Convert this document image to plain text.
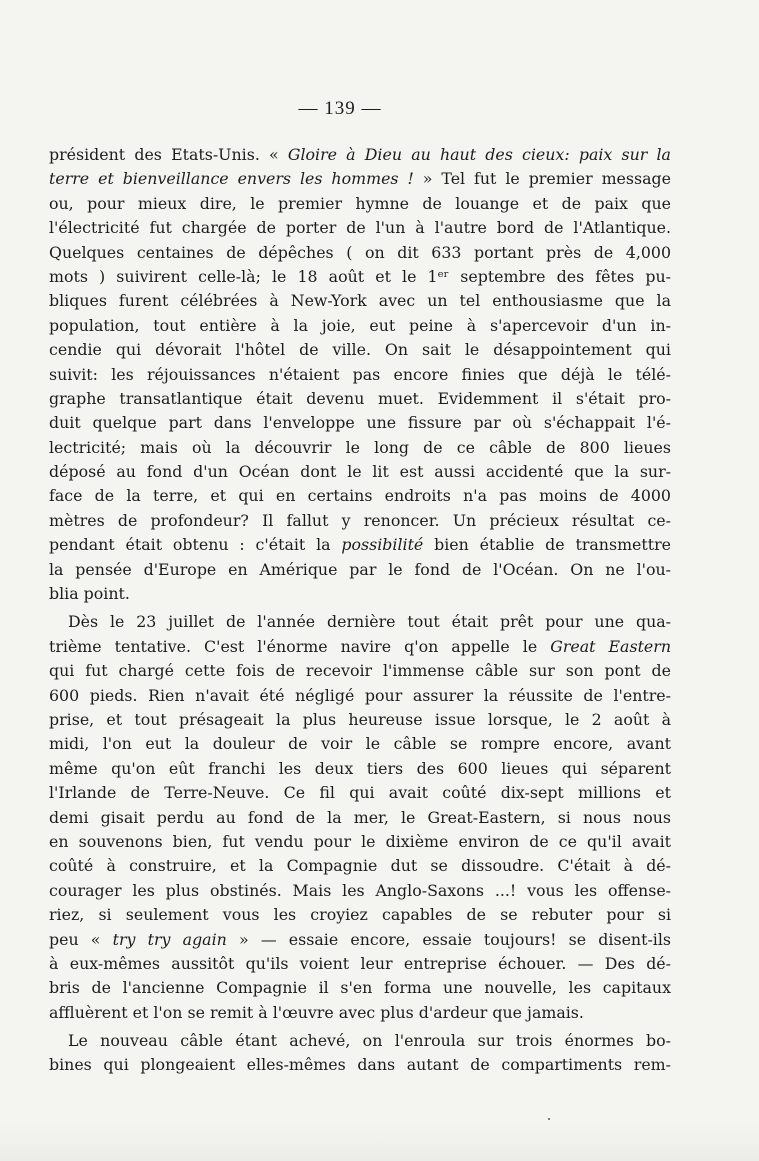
— 139 —
président des Etats-Unis. « Gloire à Dieu au haut des cieux: paix sur la
terre et bienveillance envers les hommes ! » Tel fut le premier message
ou, pour mieux dire, le premier hymne de louange et de paix que
l'électricité fut chargée de porter de l'un à l'autre bord de l'Atlantique.
Quelques centaines de dépêches ( on dit 633 portant près de 4,000
mots ) suivirent celle-là; le 18 août et le 1ᵉʳ septembre des fêtes pu-
bliques furent célébrées à New-York avec un tel enthousiasme que la
population, tout entière à la joie, eut peine à s'apercevoir d'un in-
cendie qui dévorait l'hôtel de ville. On sait le désappointement qui
suivit: les réjouissances n'étaient pas encore finies que déjà le télé-
graphe transatlantique était devenu muet. Evidemment il s'était pro-
duit quelque part dans l'enveloppe une fissure par où s'échappait l'é-
lectricité; mais où la découvrir le long de ce câble de 800 lieues
déposé au fond d'un Océan dont le lit est aussi accidenté que la sur-
face de la terre, et qui en certains endroits n'a pas moins de 4000
mètres de profondeur? Il fallut y renoncer. Un précieux résultat ce-
pendant était obtenu : c'était la possibilité bien établie de transmettre
la pensée d'Europe en Amérique par le fond de l'Océan. On ne l'ou-
blia point.
Dès le 23 juillet de l'année dernière tout était prêt pour une qua-
trième tentative. C'est l'énorme navire q'on appelle le Great Eastern
qui fut chargé cette fois de recevoir l'immense câble sur son pont de
600 pieds. Rien n'avait été négligé pour assurer la réussite de l'entre-
prise, et tout présageait la plus heureuse issue lorsque, le 2 août à
midi, l'on eut la douleur de voir le câble se rompre encore, avant
même qu'on eût franchi les deux tiers des 600 lieues qui séparent
l'Irlande de Terre-Neuve. Ce fil qui avait coûté dix-sept millions et
demi gisait perdu au fond de la mer, le Great-Eastern, si nous nous
en souvenons bien, fut vendu pour le dixième environ de ce qu'il avait
coûté à construire, et la Compagnie dut se dissoudre. C'était à dé-
courager les plus obstinés. Mais les Anglo-Saxons ...! vous les offense-
riez, si seulement vous les croyiez capables de se rebuter pour si
peu « try try again » — essaie encore, essaie toujours! se disent-ils
à eux-mêmes aussitôt qu'ils voient leur entreprise échouer. — Des dé-
bris de l'ancienne Compagnie il s'en forma une nouvelle, les capitaux
affluèrent et l'on se remit à l'œuvre avec plus d'ardeur que jamais.
Le nouveau câble étant achevé, on l'enroula sur trois énormes bo-
bines qui plongeaient elles-mêmes dans autant de compartiments rem-
